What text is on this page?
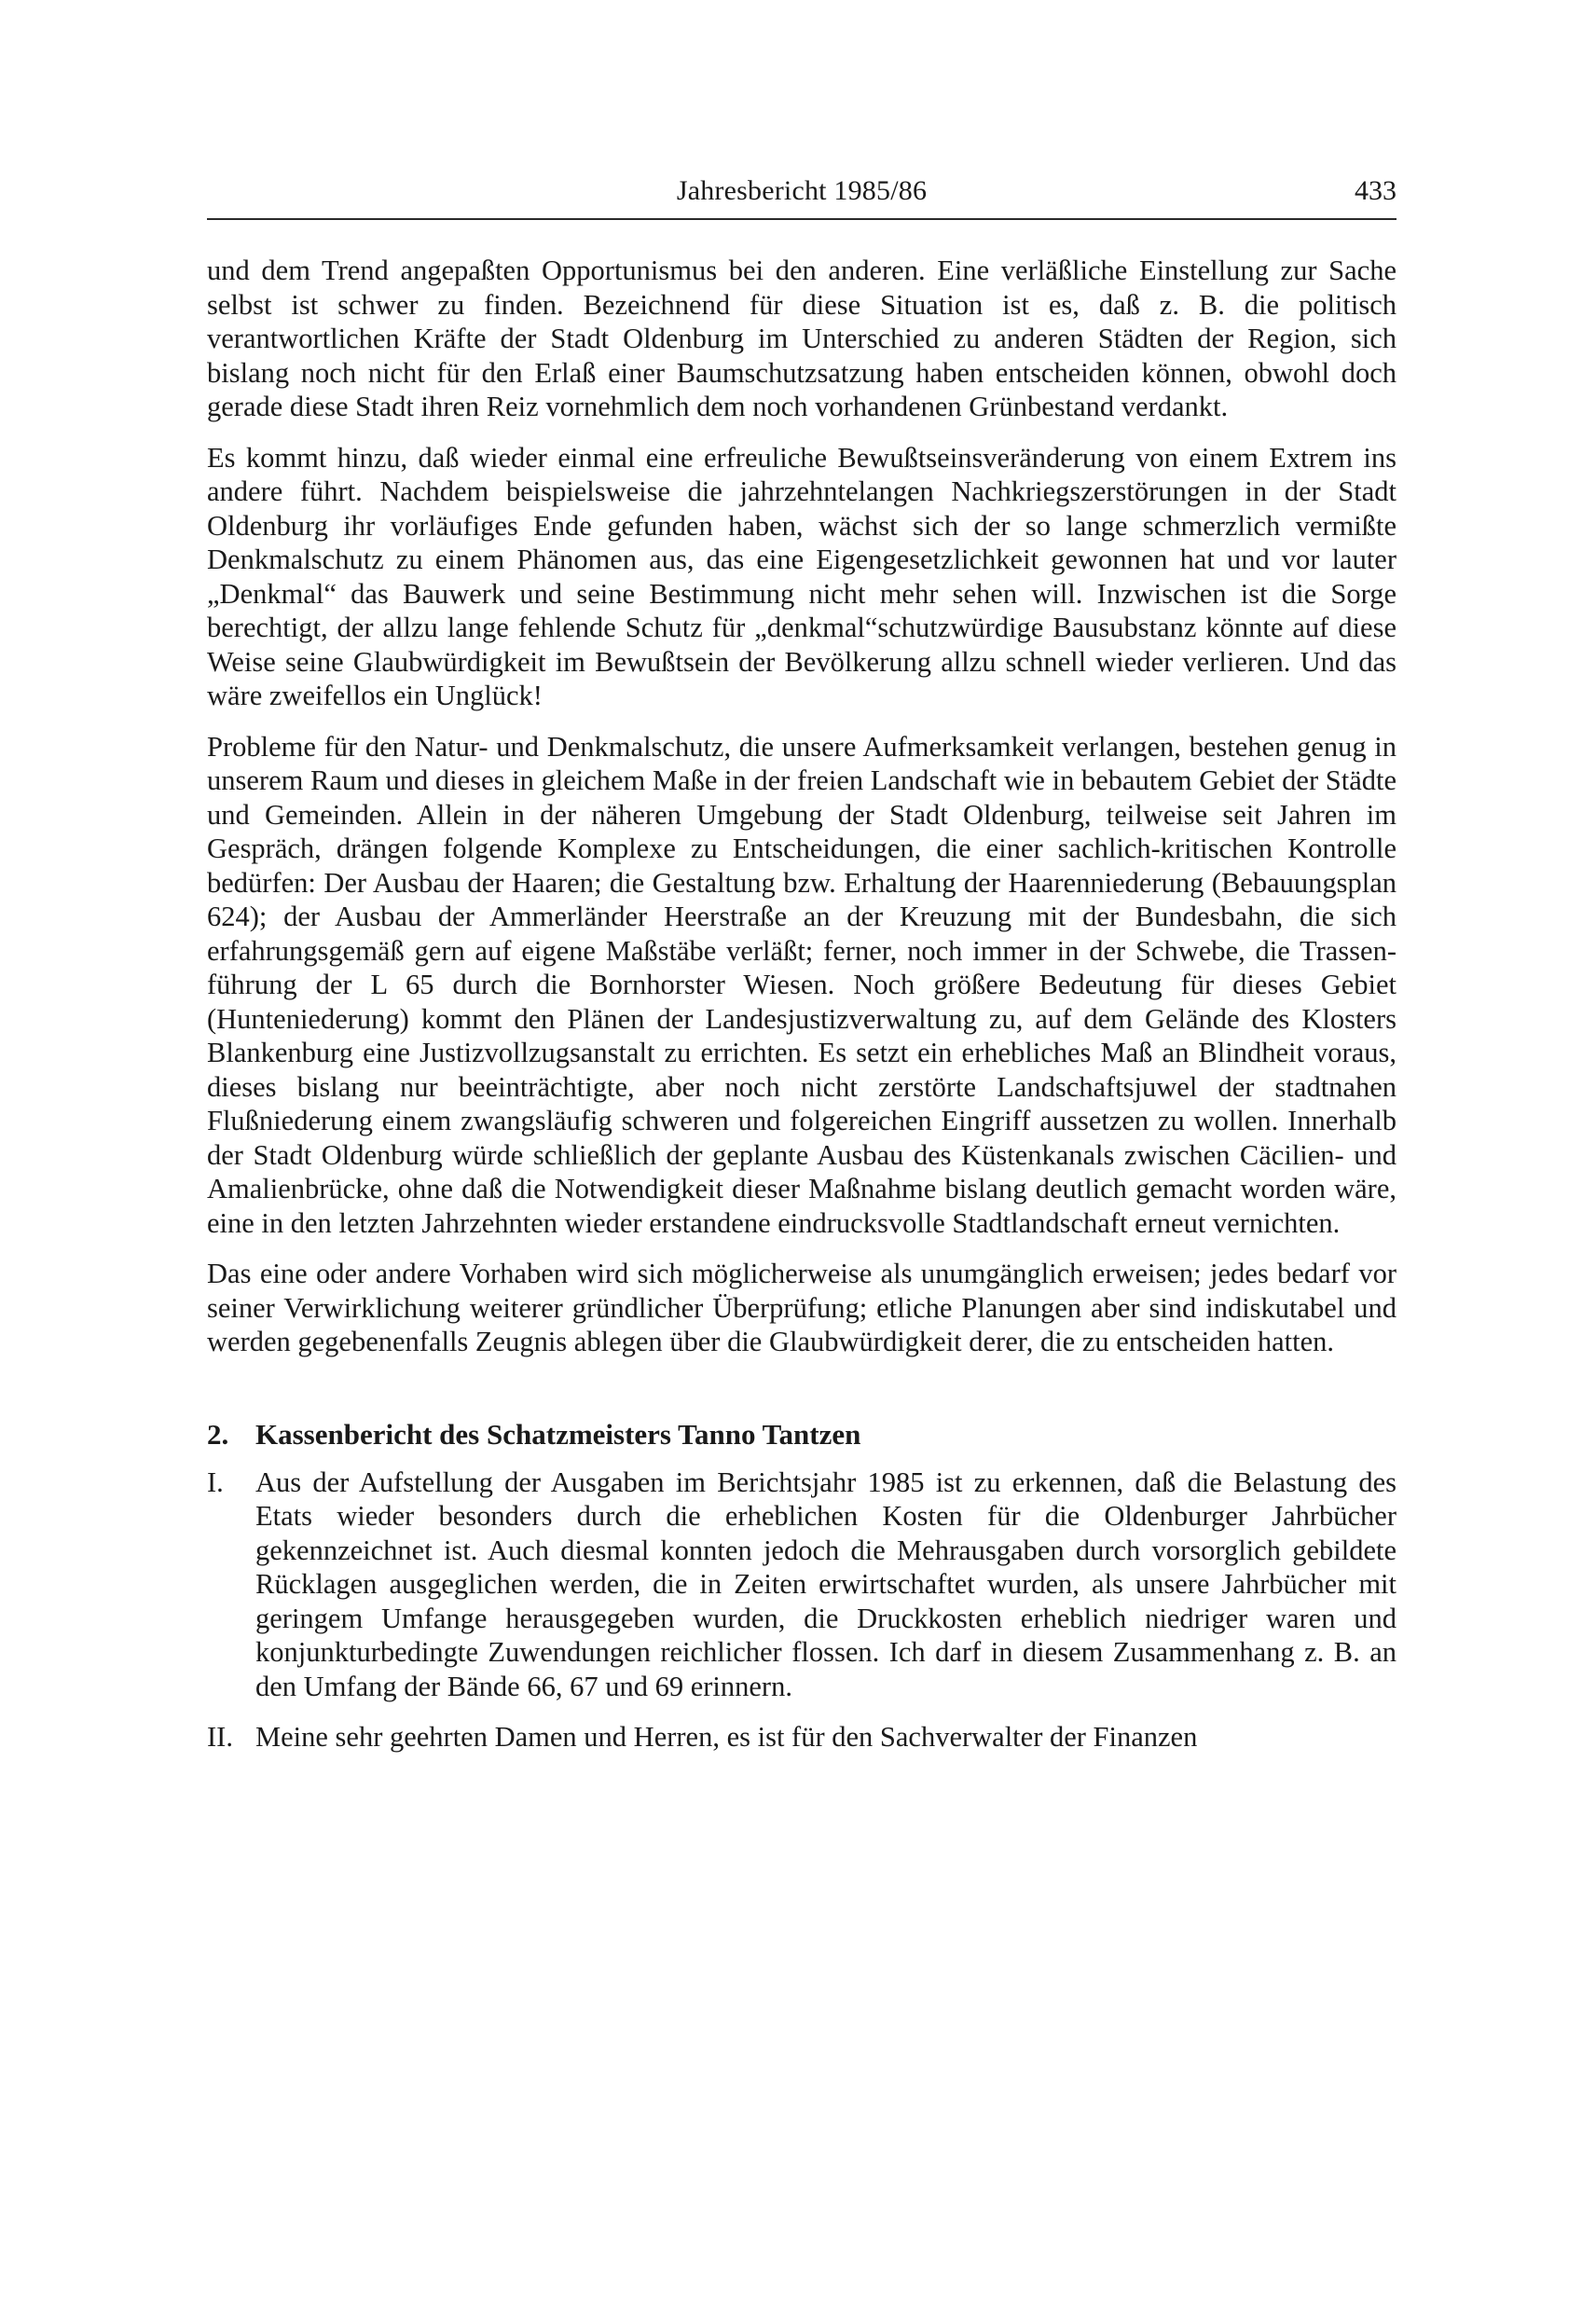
Jahresbericht 1985/86	433

und dem Trend angepaßten Opportunismus bei den anderen. Eine verläßliche Einstellung zur Sache selbst ist schwer zu finden. Bezeichnend für diese Situation ist es, daß z. B. die politisch verantwortlichen Kräfte der Stadt Oldenburg im Unterschied zu anderen Städten der Region, sich bislang noch nicht für den Erlaß einer Baumschutzsatzung haben entscheiden können, obwohl doch gerade diese Stadt ihren Reiz vornehmlich dem noch vorhandenen Grünbestand verdankt.

Es kommt hinzu, daß wieder einmal eine erfreuliche Bewußtseinsveränderung von einem Extrem ins andere führt. Nachdem beispielsweise die jahrzehntelangen Nachkriegszerstörungen in der Stadt Oldenburg ihr vorläufiges Ende gefunden haben, wächst sich der so lange schmerzlich vermißte Denkmalschutz zu einem Phänomen aus, das eine Eigengesetzlichkeit gewonnen hat und vor lauter „Denkmal“ das Bauwerk und seine Bestimmung nicht mehr sehen will. Inzwischen ist die Sorge berechtigt, der allzu lange fehlende Schutz für „denkmal“schutzwürdige Bausubstanz könnte auf diese Weise seine Glaubwürdigkeit im Bewußtsein der Bevölkerung allzu schnell wieder verlieren. Und das wäre zweifellos ein Unglück!

Probleme für den Natur- und Denkmalschutz, die unsere Aufmerksamkeit verlangen, bestehen genug in unserem Raum und dieses in gleichem Maße in der freien Landschaft wie in bebautem Gebiet der Städte und Gemeinden. Allein in der näheren Umgebung der Stadt Oldenburg, teilweise seit Jahren im Gespräch, drängen folgende Komplexe zu Entscheidungen, die einer sachlich-kritischen Kontrolle bedürfen: Der Ausbau der Haaren; die Gestaltung bzw. Erhaltung der Haarenniederung (Bebauungsplan 624); der Ausbau der Ammerländer Heerstraße an der Kreuzung mit der Bundesbahn, die sich erfahrungsgemäß gern auf eigene Maßstäbe verläßt; ferner, noch immer in der Schwebe, die Trassenführung der L 65 durch die Bornhorster Wiesen. Noch größere Bedeutung für dieses Gebiet (Hunteniederung) kommt den Plänen der Landesjustizverwaltung zu, auf dem Gelände des Klosters Blankenburg eine Justizvollzugsanstalt zu errichten. Es setzt ein erhebliches Maß an Blindheit voraus, dieses bislang nur beeinträchtigte, aber noch nicht zerstörte Landschaftsjuwel der stadtnahen Flußniederung einem zwangsläufig schweren und folgereichen Eingriff aussetzen zu wollen. Innerhalb der Stadt Oldenburg würde schließlich der geplante Ausbau des Küstenkanals zwischen Cäcilien- und Amalienbrücke, ohne daß die Notwendigkeit dieser Maßnahme bislang deutlich gemacht worden wäre, eine in den letzten Jahrzehnten wieder erstandene eindrucksvolle Stadtlandschaft erneut vernichten.

Das eine oder andere Vorhaben wird sich möglicherweise als unumgänglich erweisen; jedes bedarf vor seiner Verwirklichung weiterer gründlicher Überprüfung; etliche Planungen aber sind indiskutabel und werden gegebenenfalls Zeugnis ablegen über die Glaubwürdigkeit derer, die zu entscheiden hatten.

2. Kassenbericht des Schatzmeisters Tanno Tantzen
I.	Aus der Aufstellung der Ausgaben im Berichtsjahr 1985 ist zu erkennen, daß die Belastung des Etats wieder besonders durch die erheblichen Kosten für die Oldenburger Jahrbücher gekennzeichnet ist. Auch diesmal konnten jedoch die Mehrausgaben durch vorsorglich gebildete Rücklagen ausgeglichen werden, die in Zeiten erwirtschaftet wurden, als unsere Jahrbücher mit geringem Umfange herausgegeben wurden, die Druckkosten erheblich niedriger waren und konjunkturbedingte Zuwendungen reichlicher flossen. Ich darf in diesem Zusammenhang z. B. an den Umfang der Bände 66, 67 und 69 erinnern.
II. Meine sehr geehrten Damen und Herren, es ist für den Sachverwalter der Finanzen
